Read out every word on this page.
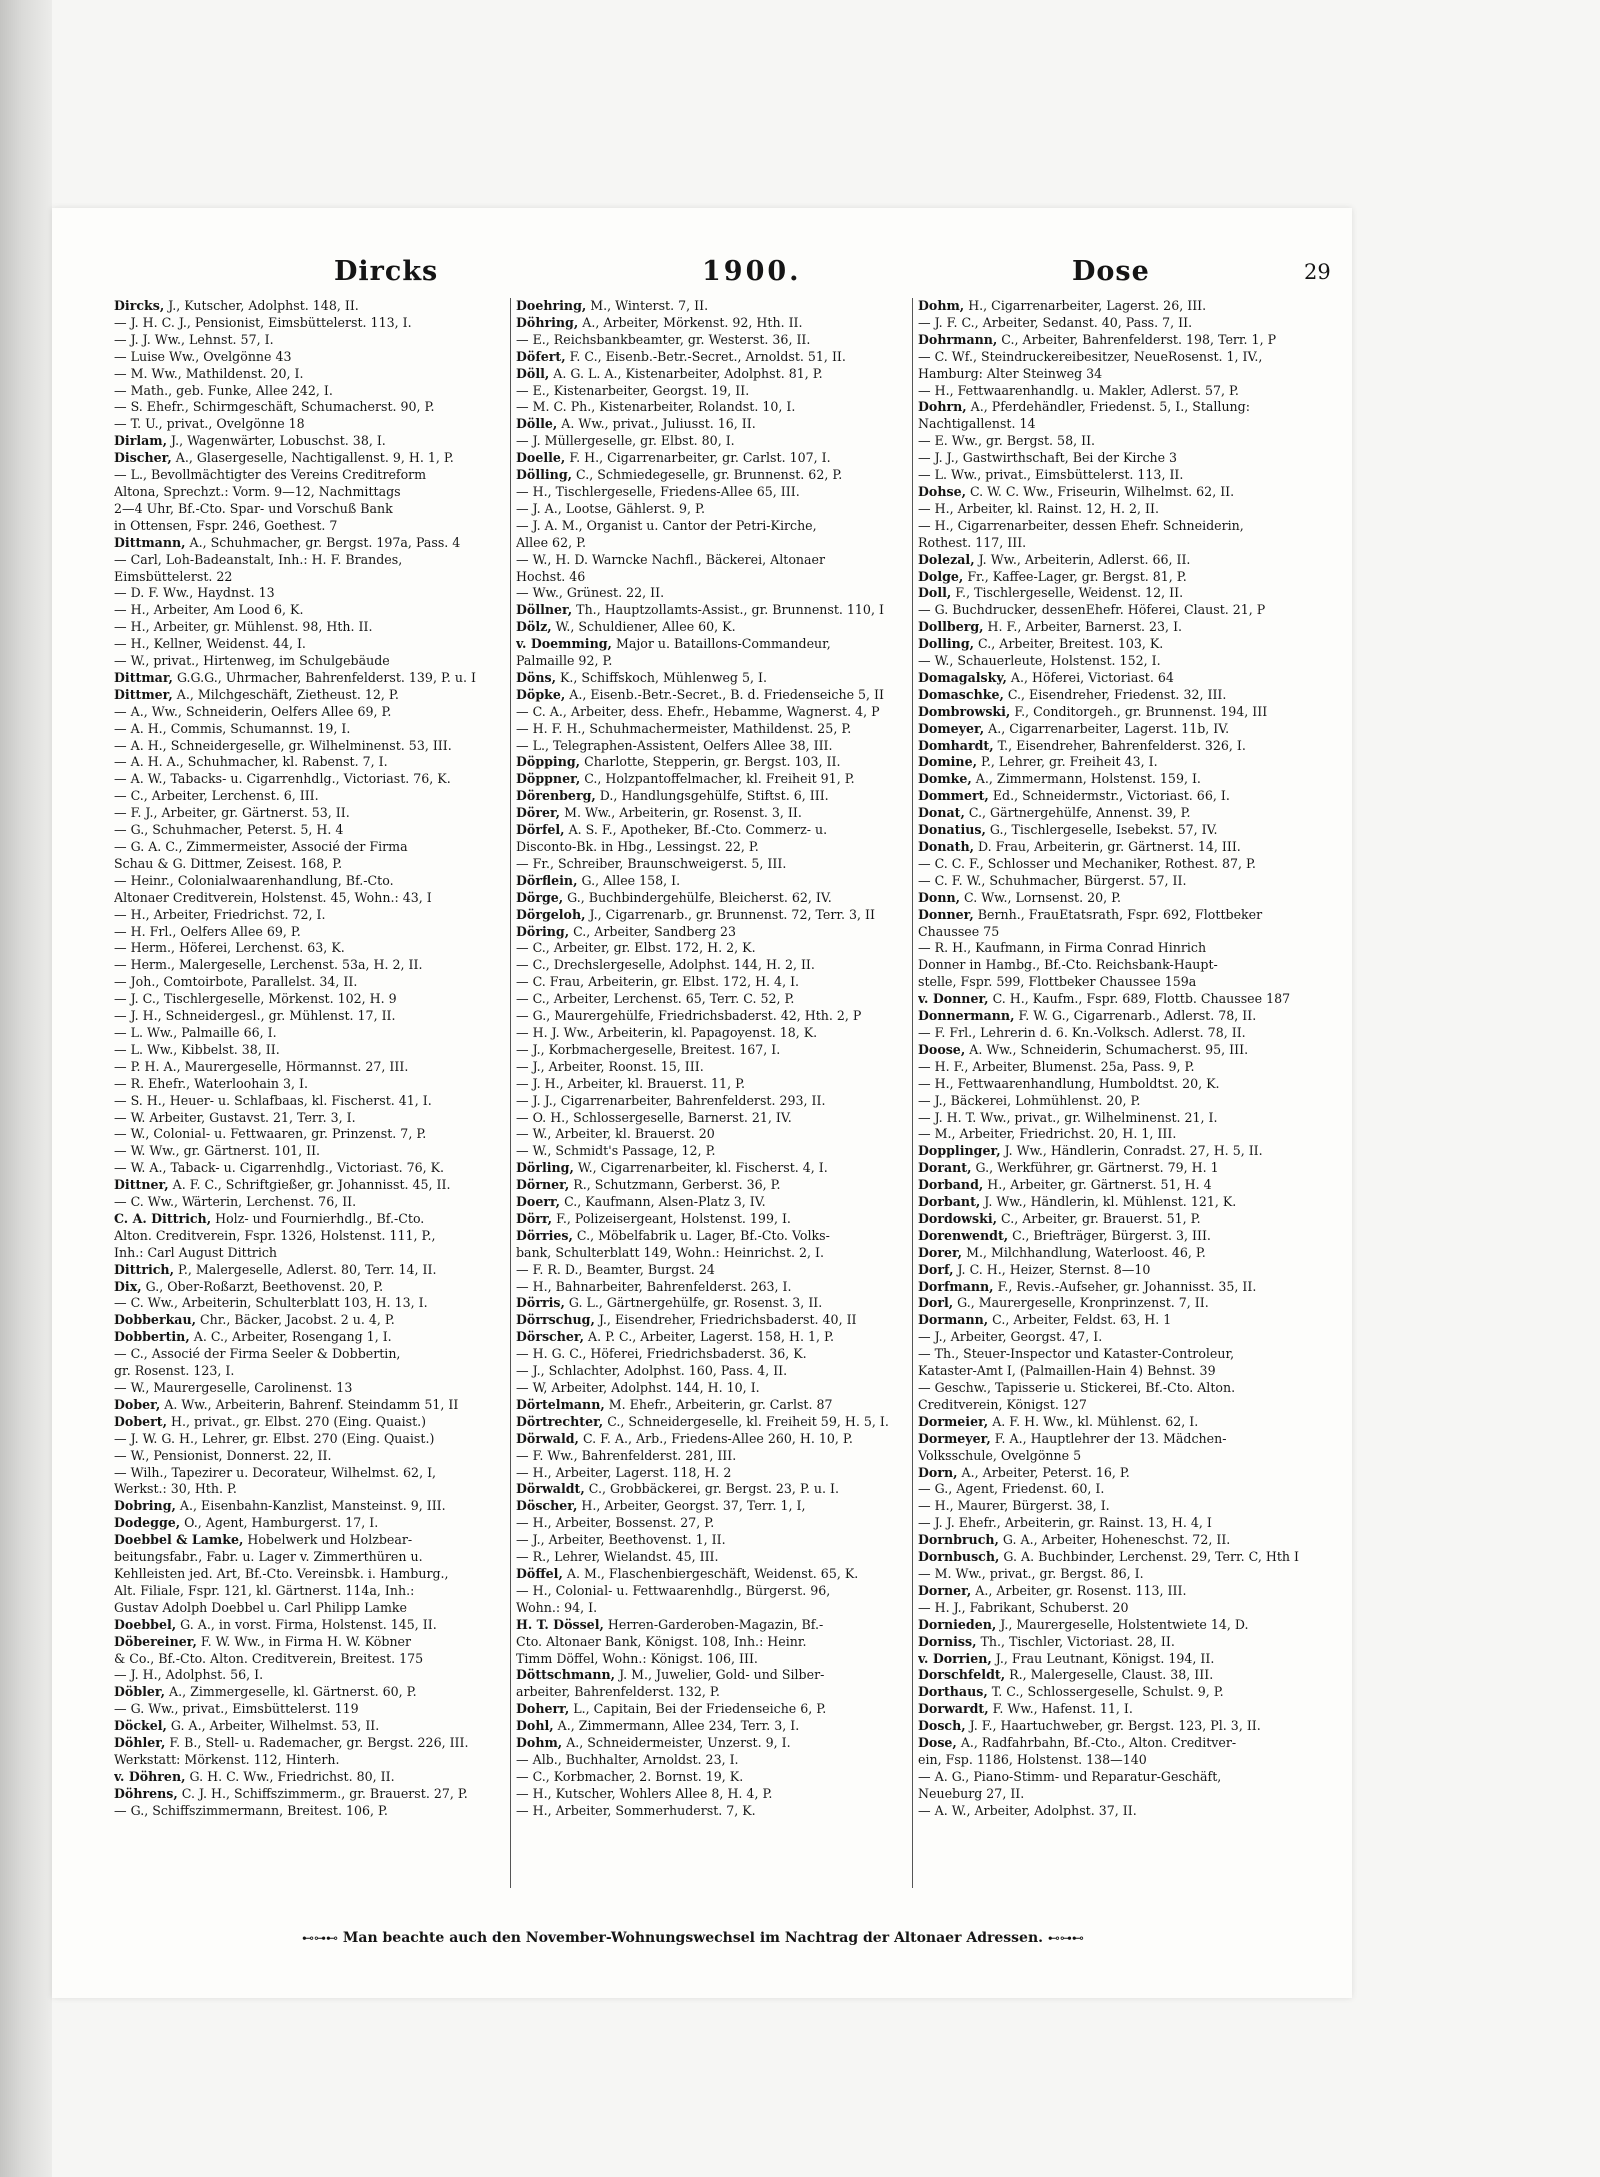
Dircks	1900.	Dose	29
Dircks, J., Kutscher, Adolphst. 148, II.
— J. H. C. J., Pensionist, Eimsbüttelerst. 113, I.
— J. J. Ww., Lehnst. 57, I.
— Luise Ww., Ovelgönne 43
— M. Ww., Mathildenst. 20, I.
— Math., geb. Funke, Allee 242, I.
— S. Ehefr., Schirmgeschäft, Schumacherst. 90, P.
— T. U., privat., Ovelgönne 18
Dirlam, J., Wagenwärter, Lobuschst. 38, I.
Discher, A., Glasergeselle, Nachtigallenst. 9, H. 1, P.
— L., Bevollmächtigter des Vereins Creditreform
Altona, Sprechzt.: Vorm. 9—12, Nachmittags
2—4 Uhr, Bf.-Cto. Spar- und Vorschuß Bank
in Ottensen, Fspr. 246, Goethest. 7
Dittmann, A., Schuhmacher, gr. Bergst. 197a, Pass. 4
— Carl, Loh-Badeanstalt, Inh.: H. F. Brandes,
Eimsbüttelerst. 22
— D. F. Ww., Haydnst. 13
— H., Arbeiter, Am Lood 6, K.
— H., Arbeiter, gr. Mühlenst. 98, Hth. II.
— H., Kellner, Weidenst. 44, I.
— W., privat., Hirtenweg, im Schulgebäude
Dittmar, G.G.G., Uhrmacher, Bahrenfelderst. 139, P. u. I
Dittmer, A., Milchgeschäft, Zietheust. 12, P.
— A., Ww., Schneiderin, Oelfers Allee 69, P.
— A. H., Commis, Schumannst. 19, I.
— A. H., Schneidergeselle, gr. Wilhelminenst. 53, III.
— A. H. A., Schuhmacher, kl. Rabenst. 7, I.
— A. W., Tabacks- u. Cigarrenhdlg., Victoriast. 76, K.
— C., Arbeiter, Lerchenst. 6, III.
— F. J., Arbeiter, gr. Gärtnerst. 53, II.
— G., Schuhmacher, Peterst. 5, H. 4
— G. A. C., Zimmermeister, Associé der Firma
Schau & G. Dittmer, Zeisest. 168, P.
— Heinr., Colonialwaarenhandlung, Bf.-Cto.
Altonaer Creditverein, Holstenst. 45, Wohn.: 43, I
— H., Arbeiter, Friedrichst. 72, I.
— H. Frl., Oelfers Allee 69, P.
— Herm., Höferei, Lerchenst. 63, K.
— Herm., Malergeselle, Lerchenst. 53a, H. 2, II.
— Joh., Comtoirbote, Parallelst. 34, II.
— J. C., Tischlergeselle, Mörkenst. 102, H. 9
— J. H., Schneidergesl., gr. Mühlenst. 17, II.
— L. Ww., Palmaille 66, I.
— L. Ww., Kibbelst. 38, II.
— P. H. A., Maurergeselle, Hörmannst. 27, III.
— R. Ehefr., Waterloohain 3, I.
— S. H., Heuer- u. Schlafbaas, kl. Fischerst. 41, I.
— W. Arbeiter, Gustavst. 21, Terr. 3, I.
— W., Colonial- u. Fettwaaren, gr. Prinzenst. 7, P.
— W. Ww., gr. Gärtnerst. 101, II.
— W. A., Taback- u. Cigarrenhdlg., Victoriast. 76, K.
Dittner, A. F. C., Schriftgießer, gr. Johannisst. 45, II.
— C. Ww., Wärterin, Lerchenst. 76, II.
C. A. Dittrich, Holz- und Fournierhdlg., Bf.-Cto.
Alton. Creditverein, Fspr. 1326, Holstenst. 111, P.,
Inh.: Carl August Dittrich
Dittrich, P., Malergeselle, Adlerst. 80, Terr. 14, II.
Dix, G., Ober-Roßarzt, Beethovenst. 20, P.
— C. Ww., Arbeiterin, Schulterblatt 103, H. 13, I.
Dobberkau, Chr., Bäcker, Jacobst. 2 u. 4, P.
Dobbertin, A. C., Arbeiter, Rosengang 1, I.
— C., Associé der Firma Seeler & Dobbertin,
gr. Rosenst. 123, I.
— W., Maurergeselle, Carolinenst. 13
Dober, A. Ww., Arbeiterin, Bahrenf. Steindamm 51, II
Dobert, H., privat., gr. Elbst. 270 (Eing. Quaist.)
— J. W. G. H., Lehrer, gr. Elbst. 270 (Eing. Quaist.)
— W., Pensionist, Donnerst. 22, II.
— Wilh., Tapezirer u. Decorateur, Wilhelmst. 62, I,
Werkst.: 30, Hth. P.
Dobring, A., Eisenbahn-Kanzlist, Mansteinst. 9, III.
Dodegge, O., Agent, Hamburgerst. 17, I.
Doebbel & Lamke, Hobelwerk und Holzbear-
beitungsfabr., Fabr. u. Lager v. Zimmerthüren u.
Kehlleisten jed. Art, Bf.-Cto. Vereinsbk. i. Hamburg.,
Alt. Filiale, Fspr. 121, kl. Gärtnerst. 114a, Inh.:
Gustav Adolph Doebbel u. Carl Philipp Lamke
Doebbel, G. A., in vorst. Firma, Holstenst. 145, II.
Döbereiner, F. W. Ww., in Firma H. W. Köbner
& Co., Bf.-Cto. Alton. Creditverein, Breitest. 175
— J. H., Adolphst. 56, I.
Döbler, A., Zimmergeselle, kl. Gärtnerst. 60, P.
— G. Ww., privat., Eimsbüttelerst. 119
Döckel, G. A., Arbeiter, Wilhelmst. 53, II.
Döhler, F. B., Stell- u. Rademacher, gr. Bergst. 226, III.
Werkstatt: Mörkenst. 112, Hinterh.
v. Döhren, G. H. C. Ww., Friedrichst. 80, II.
Döhrens, C. J. H., Schiffszimmerm., gr. Brauerst. 27, P.
— G., Schiffszimmermann, Breitest. 106, P.
Doehring, M., Winterst. 7, II.
Döhring, A., Arbeiter, Mörkenst. 92, Hth. II.
— E., Reichsbankbeamter, gr. Westerst. 36, II.
Döfert, F. C., Eisenb.-Betr.-Secret., Arnoldst. 51, II.
Döll, A. G. L. A., Kistenarbeiter, Adolphst. 81, P.
— E., Kistenarbeiter, Georgst. 19, II.
— M. C. Ph., Kistenarbeiter, Rolandst. 10, I.
Dölle, A. Ww., privat., Juliusst. 16, II.
— J. Müllergeselle, gr. Elbst. 80, I.
Doelle, F. H., Cigarrenarbeiter, gr. Carlst. 107, I.
Dölling, C., Schmiedegeselle, gr. Brunnenst. 62, P.
— H., Tischlergeselle, Friedens-Allee 65, III.
— J. A., Lootse, Gählerst. 9, P.
— J. A. M., Organist u. Cantor der Petri-Kirche,
Allee 62, P.
— W., H. D. Warncke Nachfl., Bäckerei, Altonaer
Hochst. 46
— Ww., Grünest. 22, II.
Döllner, Th., Hauptzollamts-Assist., gr. Brunnenst. 110, I
Dölz, W., Schuldiener, Allee 60, K.
v. Doemming, Major u. Bataillons-Commandeur,
Palmaille 92, P.
Döns, K., Schiffskoch, Mühlenweg 5, I.
Döpke, A., Eisenb.-Betr.-Secret., B. d. Friedenseiche 5, II
— C. A., Arbeiter, dess. Ehefr., Hebamme, Wagnerst. 4, P
— H. F. H., Schuhmachermeister, Mathildenst. 25, P.
— L., Telegraphen-Assistent, Oelfers Allee 38, III.
Döpping, Charlotte, Stepperin, gr. Bergst. 103, II.
Döppner, C., Holzpantoffelmacher, kl. Freiheit 91, P.
Dörenberg, D., Handlungsgehülfe, Stiftst. 6, III.
Dörer, M. Ww., Arbeiterin, gr. Rosenst. 3, II.
Dörfel, A. S. F., Apotheker, Bf.-Cto. Commerz- u.
Disconto-Bk. in Hbg., Lessingst. 22, P.
— Fr., Schreiber, Braunschweigerst. 5, III.
Dörflein, G., Allee 158, I.
Dörge, G., Buchbindergehülfe, Bleicherst. 62, IV.
Dörgeloh, J., Cigarrenarb., gr. Brunnenst. 72, Terr. 3, II
Döring, C., Arbeiter, Sandberg 23
— C., Arbeiter, gr. Elbst. 172, H. 2, K.
— C., Drechslergeselle, Adolphst. 144, H. 2, II.
— C. Frau, Arbeiterin, gr. Elbst. 172, H. 4, I.
— C., Arbeiter, Lerchenst. 65, Terr. C. 52, P.
— G., Maurergehülfe, Friedrichsbaderst. 42, Hth. 2, P
— H. J. Ww., Arbeiterin, kl. Papagoyenst. 18, K.
— J., Korbmachergeselle, Breitest. 167, I.
— J., Arbeiter, Roonst. 15, III.
— J. H., Arbeiter, kl. Brauerst. 11, P.
— J. J., Cigarrenarbeiter, Bahrenfelderst. 293, II.
— O. H., Schlossergeselle, Barnerst. 21, IV.
— W., Arbeiter, kl. Brauerst. 20
— W., Schmidt's Passage, 12, P.
Dörling, W., Cigarrenarbeiter, kl. Fischerst. 4, I.
Dörner, R., Schutzmann, Gerberst. 36, P.
Doerr, C., Kaufmann, Alsen-Platz 3, IV.
Dörr, F., Polizeisergeant, Holstenst. 199, I.
Dörries, C., Möbelfabrik u. Lager, Bf.-Cto. Volks-
bank, Schulterblatt 149, Wohn.: Heinrichst. 2, I.
— F. R. D., Beamter, Burgst. 24
— H., Bahnarbeiter, Bahrenfelderst. 263, I.
Dörris, G. L., Gärtnergehülfe, gr. Rosenst. 3, II.
Dörrschug, J., Eisendreher, Friedrichsbaderst. 40, II
Dörscher, A. P. C., Arbeiter, Lagerst. 158, H. 1, P.
— H. G. C., Höferei, Friedrichsbaderst. 36, K.
— J., Schlachter, Adolphst. 160, Pass. 4, II.
— W, Arbeiter, Adolphst. 144, H. 10, I.
Dörtelmann, M. Ehefr., Arbeiterin, gr. Carlst. 87
Dörtrechter, C., Schneidergeselle, kl. Freiheit 59, H. 5, I.
Dörwald, C. F. A., Arb., Friedens-Allee 260, H. 10, P.
— F. Ww., Bahrenfelderst. 281, III.
— H., Arbeiter, Lagerst. 118, H. 2
Dörwaldt, C., Grobbäckerei, gr. Bergst. 23, P. u. I.
Döscher, H., Arbeiter, Georgst. 37, Terr. 1, I,
— H., Arbeiter, Bossenst. 27, P.
— J., Arbeiter, Beethovenst. 1, II.
— R., Lehrer, Wielandst. 45, III.
Döffel, A. M., Flaschenbiergeschäft, Weidenst. 65, K.
— H., Colonial- u. Fettwaarenhdlg., Bürgerst. 96,
Wohn.: 94, I.
H. T. Dössel, Herren-Garderoben-Magazin, Bf.-
Cto. Altonaer Bank, Königst. 108, Inh.: Heinr.
Timm Döffel, Wohn.: Königst. 106, III.
Döttschmann, J. M., Juwelier, Gold- und Silber-
arbeiter, Bahrenfelderst. 132, P.
Doherr, L., Capitain, Bei der Friedenseiche 6, P.
Dohl, A., Zimmermann, Allee 234, Terr. 3, I.
Dohm, A., Schneidermeister, Unzerst. 9, I.
— Alb., Buchhalter, Arnoldst. 23, I.
— C., Korbmacher, 2. Bornst. 19, K.
— H., Kutscher, Wohlers Allee 8, H. 4, P.
— H., Arbeiter, Sommerhuderst. 7, K.
Dohm, H., Cigarrenarbeiter, Lagerst. 26, III.
— J. F. C., Arbeiter, Sedanst. 40, Pass. 7, II.
Dohrmann, C., Arbeiter, Bahrenfelderst. 198, Terr. 1, P
— C. Wf., Steindruckereibesitzer, NeueRosenst. 1, IV.,
Hamburg: Alter Steinweg 34
— H., Fettwaarenhandlg. u. Makler, Adlerst. 57, P.
Dohrn, A., Pferdehändler, Friedenst. 5, I., Stallung:
Nachtigallenst. 14
— E. Ww., gr. Bergst. 58, II.
— J. J., Gastwirthschaft, Bei der Kirche 3
— L. Ww., privat., Eimsbüttelerst. 113, II.
Dohse, C. W. C. Ww., Friseurin, Wilhelmst. 62, II.
— H., Arbeiter, kl. Rainst. 12, H. 2, II.
— H., Cigarrenarbeiter, dessen Ehefr. Schneiderin,
Rothest. 117, III.
Dolezal, J. Ww., Arbeiterin, Adlerst. 66, II.
Dolge, Fr., Kaffee-Lager, gr. Bergst. 81, P.
Doll, F., Tischlergeselle, Weidenst. 12, II.
— G. Buchdrucker, dessenEhefr. Höferei, Claust. 21, P
Dollberg, H. F., Arbeiter, Barnerst. 23, I.
Dolling, C., Arbeiter, Breitest. 103, K.
— W., Schauerleute, Holstenst. 152, I.
Domagalsky, A., Höferei, Victoriast. 64
Domaschke, C., Eisendreher, Friedenst. 32, III.
Dombrowski, F., Conditorgeh., gr. Brunnenst. 194, III
Domeyer, A., Cigarrenarbeiter, Lagerst. 11b, IV.
Domhardt, T., Eisendreher, Bahrenfelderst. 326, I.
Domine, P., Lehrer, gr. Freiheit 43, I.
Domke, A., Zimmermann, Holstenst. 159, I.
Dommert, Ed., Schneidermstr., Victoriast. 66, I.
Donat, C., Gärtnergehülfe, Annenst. 39, P.
Donatius, G., Tischlergeselle, Isebekst. 57, IV.
Donath, D. Frau, Arbeiterin, gr. Gärtnerst. 14, III.
— C. C. F., Schlosser und Mechaniker, Rothest. 87, P.
— C. F. W., Schuhmacher, Bürgerst. 57, II.
Donn, C. Ww., Lornsenst. 20, P.
Donner, Bernh., FrauEtatsrath, Fspr. 692, Flottbeker
Chaussee 75
— R. H., Kaufmann, in Firma Conrad Hinrich
Donner in Hambg., Bf.-Cto. Reichsbank-Haupt-
stelle, Fspr. 599, Flottbeker Chaussee 159a
v. Donner, C. H., Kaufm., Fspr. 689, Flottb. Chaussee 187
Donnermann, F. W. G., Cigarrenarb., Adlerst. 78, II.
— F. Frl., Lehrerin d. 6. Kn.-Volksch. Adlerst. 78, II.
Doose, A. Ww., Schneiderin, Schumacherst. 95, III.
— H. F., Arbeiter, Blumenst. 25a, Pass. 9, P.
— H., Fettwaarenhandlung, Humboldtst. 20, K.
— J., Bäckerei, Lohmühlenst. 20, P.
— J. H. T. Ww., privat., gr. Wilhelminenst. 21, I.
— M., Arbeiter, Friedrichst. 20, H. 1, III.
Dopplinger, J. Ww., Händlerin, Conradst. 27, H. 5, II.
Dorant, G., Werkführer, gr. Gärtnerst. 79, H. 1
Dorband, H., Arbeiter, gr. Gärtnerst. 51, H. 4
Dorbant, J. Ww., Händlerin, kl. Mühlenst. 121, K.
Dordowski, C., Arbeiter, gr. Brauerst. 51, P.
Dorenwendt, C., Briefträger, Bürgerst. 3, III.
Dorer, M., Milchhandlung, Waterloost. 46, P.
Dorf, J. C. H., Heizer, Sternst. 8—10
Dorfmann, F., Revis.-Aufseher, gr. Johannisst. 35, II.
Dorl, G., Maurergeselle, Kronprinzenst. 7, II.
Dormann, C., Arbeiter, Feldst. 63, H. 1
— J., Arbeiter, Georgst. 47, I.
— Th., Steuer-Inspector und Kataster-Controleur,
Kataster-Amt I, (Palmaillen-Hain 4) Behnst. 39
— Geschw., Tapisserie u. Stickerei, Bf.-Cto. Alton.
Creditverein, Königst. 127
Dormeier, A. F. H. Ww., kl. Mühlenst. 62, I.
Dormeyer, F. A., Hauptlehrer der 13. Mädchen-
Volksschule, Ovelgönne 5
Dorn, A., Arbeiter, Peterst. 16, P.
— G., Agent, Friedenst. 60, I.
— H., Maurer, Bürgerst. 38, I.
— J. J. Ehefr., Arbeiterin, gr. Rainst. 13, H. 4, I
Dornbruch, G. A., Arbeiter, Hoheneschst. 72, II.
Dornbusch, G. A. Buchbinder, Lerchenst. 29, Terr. C, Hth I
— M. Ww., privat., gr. Bergst. 86, I.
Dorner, A., Arbeiter, gr. Rosenst. 113, III.
— H. J., Fabrikant, Schuberst. 20
Dornieden, J., Maurergeselle, Holstentwiete 14, D.
Dorniss, Th., Tischler, Victoriast. 28, II.
v. Dorrien, J., Frau Leutnant, Königst. 194, II.
Dorschfeldt, R., Malergeselle, Claust. 38, III.
Dorthaus, T. C., Schlossergeselle, Schulst. 9, P.
Dorwardt, F. Ww., Hafenst. 11, I.
Dosch, J. F., Haartuchweber, gr. Bergst. 123, Pl. 3, II.
Dose, A., Radfahrbahn, Bf.-Cto., Alton. Creditver-
ein, Fsp. 1186, Holstenst. 138—140
— A. G., Piano-Stimm- und Reparatur-Geschäft,
Neueburg 27, II.
— A. W., Arbeiter, Adolphst. 37, II.
⊷⊶⊷ Man beachte auch den November-Wohnungswechsel im Nachtrag der Altonaer Adressen. ⊷⊶⊷
